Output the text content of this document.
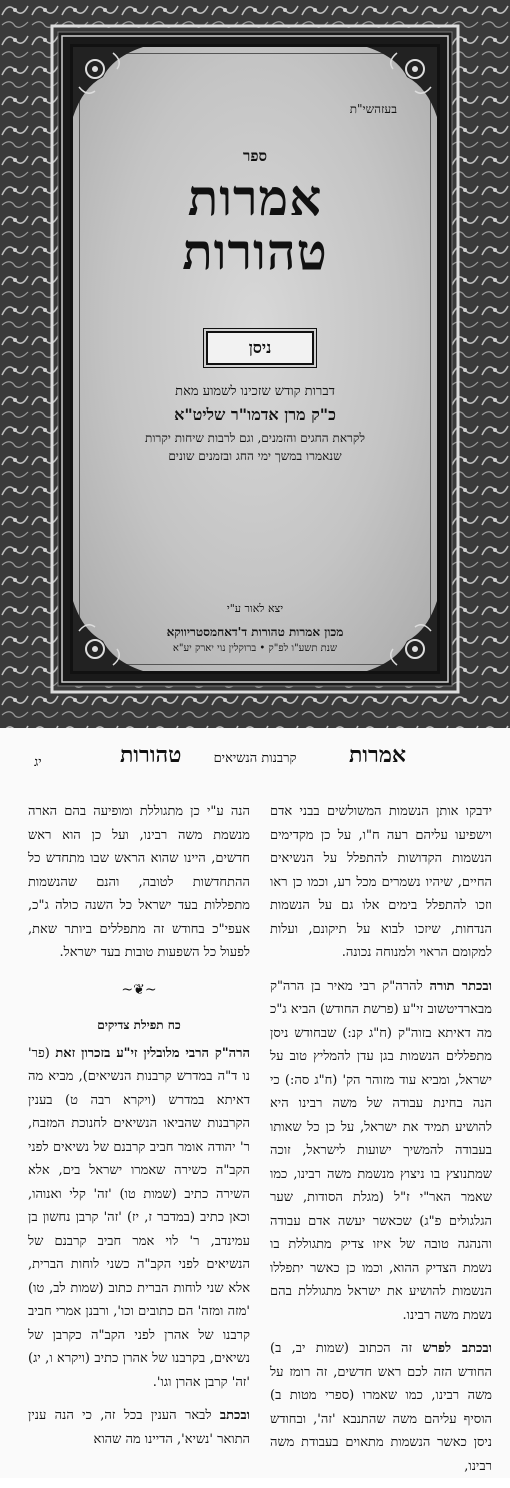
בעזהשי"ת
ספר
אמרות
טהורות
ניסן
דברות קודש שזכינו לשמוע מאת
כ"ק מרן אדמו"ר שליט"א
לקראת החגים והזמנים, וגם לרבות שיחות יקרות
שנאמרו במשך ימי החג ובזמנים שונים
יצא לאור ע"י
מכון אמרות טהורות ד'דאחמסטריווקא
שנת תשע"ו לפ"ק • ברוקלין נוי יארק יע"א
אמרות
קרבנות הנשיאים
טהורות
יג

ידבקו אותן הנשמות המשולשים בבני אדם וישפיעו עליהם רעה ח"ו, על כן מקדימים הנשמות הקדושות להתפלל על הנשיאים החיים, שיהיו נשמרים מכל רע, וכמו כן ראו וזכו להתפלל בימים אלו גם על הנשמות הנדחות, שיזכו לבוא על תיקונם, ועלות למקומם הראוי ולמנוחה נכונה.

ובכתר תורה להרה"ק רבי מאיר בן הרה"ק מבארדיטשוב זי"ע (פרשת החודש) הביא ג"כ מה דאיתא בזוה"ק (ח"ג קנ:) שבחודש ניסן מתפללים הנשמות בגן עדן להמליץ טוב על ישראל, ומביא עוד מזוהר הק' (ח"ג סה:) כי הנה בחינת עבודה של משה רבינו היא להושיע תמיד את ישראל, על כן כל שאותו בעבודה להמשיך ישועות לישראל, זוכה שמתנוצץ בו ניצוץ מנשמת משה רבינו, כמו שאמר האר"י ז"ל (מגלת הסודות, שער הגלגולים פ"ג) שכאשר יעשה אדם עבודה והנהגה טובה של איזו צדיק מתגוללת בו נשמת הצדיק ההוא, וכמו כן כאשר יתפללו הנשמות להושיע את ישראל מתגוללת בהם נשמת משה רבינו.

ובכתב לפרש זה הכתוב (שמות יב, ב) החודש הזה לכם ראש חדשים, זה רומז על משה רבינו, כמו שאמרו (ספרי מטות ב) הוסיף עליהם משה שהתנבא 'זה', ובחודש ניסן כאשר הנשמות מתאוים בעבודת משה רבינו,

הנה ע"י כן מתגוללת ומופיעה בהם הארה מנשמת משה רבינו, ועל כן הוא ראש חדשים, היינו שהוא הראש שבו מתחדש כל ההתחדשות לטובה, והנם שהנשמות מתפללות בעד ישראל כל השנה כולה ג"כ, אעפי"כ בחודש זה מתפללים ביותר שאת, לפעול כל השפעות טובות בעד ישראל.

~❦~
כח תפילת צדיקים

הרה"ק הרבי מלובלין זי"ע בזכרון זאת (פר' נו ד"ה במדרש קרבנות הנשיאים), מביא מה דאיתא במדרש (ויקרא רבה ט) בענין הקרבנות שהביאו הנשיאים לחנוכת המזבח, ר' יהודה אומר חביב קרבנם של נשיאים לפני הקב"ה כשירה שאמרו ישראל בים, אלא השירה כתיב (שמות טו) 'זה' קלי ואנוהו, וכאן כתיב (במדבר ז, יז) 'זה' קרבן נחשון בן עמינדב, ר' לוי אמר חביב קרבנם של הנשיאים לפני הקב"ה כשני לוחות הברית, אלא שני לוחות הברית כתוב (שמות לב, טו) 'מזה ומזה' הם כתובים וכו', ורבנן אמרי חביב קרבנו של אהרן לפני הקב"ה כקרבן של נשיאים, בקרבנו של אהרן כתיב (ויקרא ו, יג) 'זה' קרבן אהרן וגו'.

ובכתב לבאר הענין בכל זה, כי הנה ענין התואר 'נשיא', הדיינו מה שהוא
